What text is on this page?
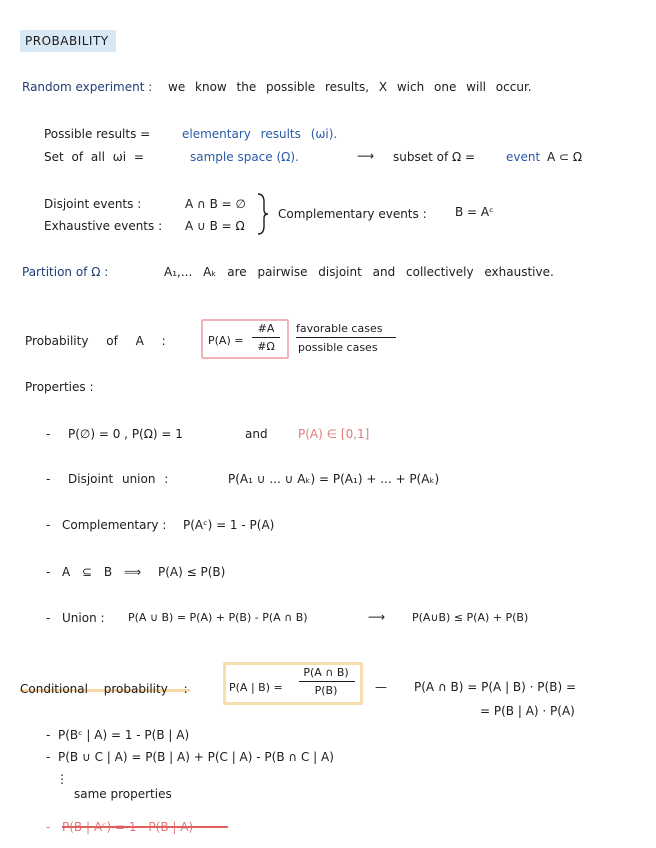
PROBABILITY
Random experiment : we know the possible results, X wich one will occur.
Possible results =	elementary results (ωi).
Set of all ωi =	sample space (Ω).	⟶ subset of Ω =	event A ⊂ Ω
Disjoint events :	A ∩ B = ∅
Exhaustive events : A ∪ B = Ω
Complementary events : B = Aᶜ
Partition of Ω :	A₁,... Aₖ are pairwise disjoint and collectively exhaustive.
Probability of A :	P(A) =
#A
#Ω
favorable cases
possible cases
Properties :
- P(∅) = 0 , P(Ω) = 1	and	P(A) ∈ [0,1]
- Disjoint union :	P(A₁ ∪ ... ∪ Aₖ) = P(A₁) + ... + P(Aₖ)
- Complementary : P(Aᶜ) = 1 - P(A)
- A ⊆ B ⟹ P(A) ≤ P(B)
- Union : P(A ∪ B) = P(A) + P(B) - P(A ∩ B)	⟶ P(A∪B) ≤ P(A) + P(B)
Conditional probability :	P(A | B) =
P(A ∩ B)
P(B)	— P(A ∩ B) = P(A | B) · P(B) =
= P(B | A) · P(A)
- P(Bᶜ | A) = 1 - P(B | A)
- P(B ∪ C | A) = P(B | A) + P(C | A) - P(B ∩ C | A)
⋮
same properties
-
